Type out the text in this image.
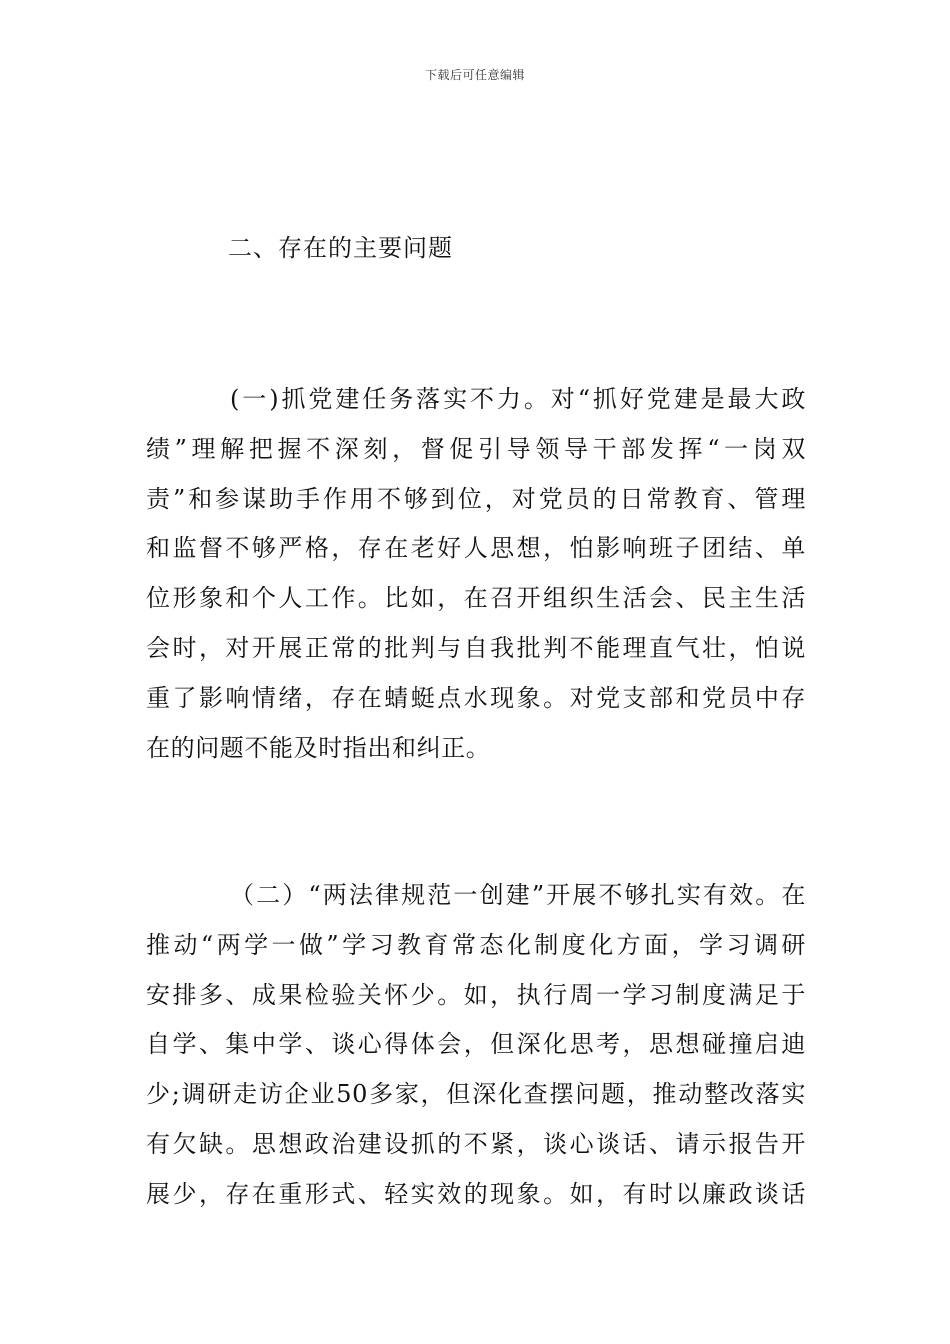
下载后可任意编辑
二、存在的主要问题
(一)抓党建任务落实不力。对“抓好党建是最大政
绩”理解把握不深刻，督促引导领导干部发挥“一岗双
责”和参谋助手作用不够到位，对党员的日常教育、管理
和监督不够严格，存在老好人思想，怕影响班子团结、单
位形象和个人工作。比如，在召开组织生活会、民主生活
会时，对开展正常的批判与自我批判不能理直气壮，怕说
重了影响情绪，存在蜻蜓点水现象。对党支部和党员中存
在的问题不能及时指出和纠正。
（二）“两法律规范一创建”开展不够扎实有效。在
推动“两学一做”学习教育常态化制度化方面，学习调研
安排多、成果检验关怀少。如，执行周一学习制度满足于
自学、集中学、谈心得体会，但深化思考，思想碰撞启迪
少;调研走访企业50多家，但深化查摆问题，推动整改落实
有欠缺。思想政治建设抓的不紧，谈心谈话、请示报告开
展少，存在重形式、轻实效的现象。如，有时以廉政谈话
